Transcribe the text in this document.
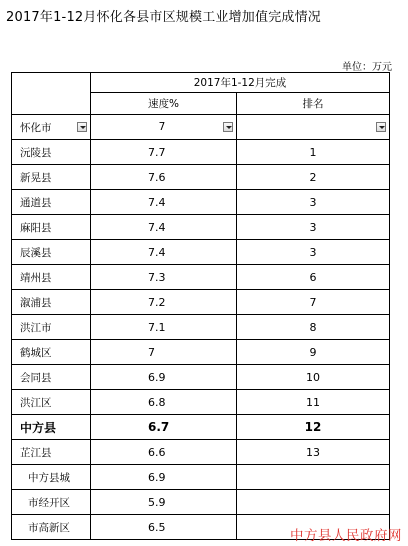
2017年1-12月怀化各县市区规模工业增加值完成情况
单位：万元
	2017年1-12月完成	
	速度%	排名

怀化市	7	

沅陵县	7.7	1
新晃县	7.6	2
通道县	7.4	3
麻阳县	7.4	3
辰溪县	7.4	3
靖州县	7.3	6
溆浦县	7.2	7
洪江市	7.1	8
鹤城区	7	9
会同县	6.9	10
洪江区	6.8	11
中方县	6.7	12
芷江县	6.6	13
中方县城	6.9	
市经开区	5.9	
市高新区	6.5	
中方县人民政府网
